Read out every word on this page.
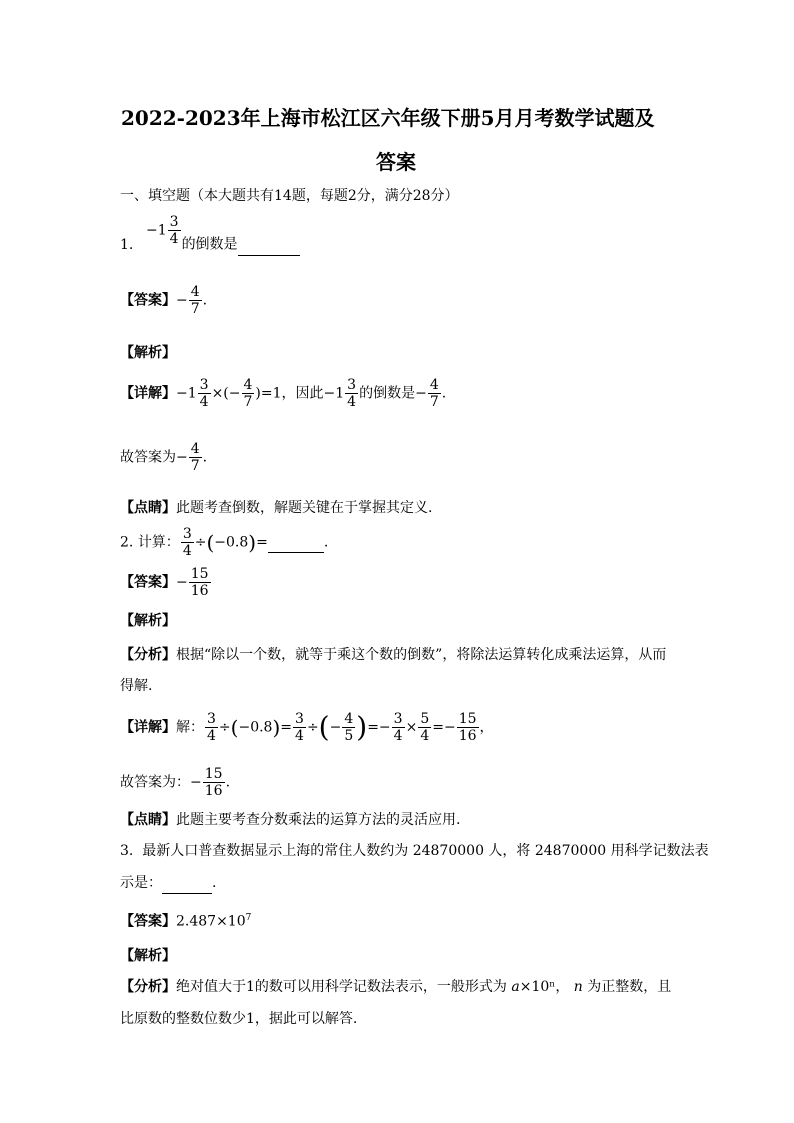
2022-2023年上海市松江区六年级下册5月月考数学试题及
答案
一、填空题（本大题共有14题，每题2分，满分28分）
$1.-1 \frac{3}{4}$ 的倒数是
【答案】− $\frac{4}{7}$ .
【解析】
【详解】$-1 \frac{3}{4}$ ×(− $\frac{4}{7} )=1$，因此$-1 \frac{3}{4}$ 的倒数是− $\frac{4}{7}$ .
故答案为− $\frac{4}{7}$ .
【点睛】此题考查倒数，解题关键在于掌握其定义.
2. 计算： $\frac{3}{4} \div(-0.8)=$	.
【答案】− $\frac{15}{16}$
【解析】
【分析】根据“除以一个数，就等于乘这个数的倒数”，将除法运算转化成乘法运算，从而
得解.
【详解】解： $\frac{3}{4} \div(-0.8)= \frac{3}{4}$ ÷(− $\frac{4}{5}$ )=− $\frac{3}{4} \times \frac{5}{4} =- \frac{15}{16}$ ，
故答案为：− $\frac{15}{16}$ .
【点睛】此题主要考查分数乘法的运算方法的灵活应用.
3. 最新人口普查数据显示上海的常住人数约为 24870000 人，将 24870000 用科学记数法表
示是：	.
【答案】$2.487\times 10^7$
【解析】
【分析】绝对值大于1的数可以用科学记数法表示，一般形式为 a×10ⁿ， n 为正整数，且
比原数的整数位数少1，据此可以解答.
